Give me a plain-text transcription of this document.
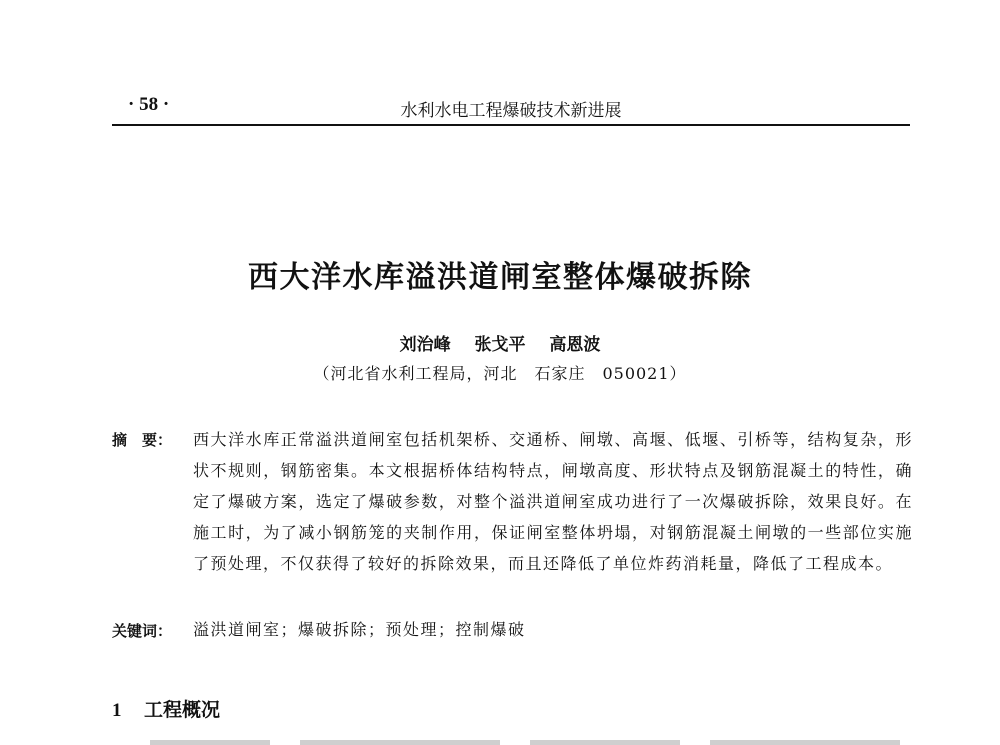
· 58 ·	水利水电工程爆破技术新进展
西大洋水库溢洪道闸室整体爆破拆除
刘治峰 张戈平 高恩波
（河北省水利工程局，河北　石家庄　050021）
摘　要： 西大洋水库正常溢洪道闸室包括机架桥、交通桥、闸墩、高堰、低堰、引桥等，结构复杂，形状不规则，钢筋密集。本文根据桥体结构特点，闸墩高度、形状特点及钢筋混凝土的特性，确定了爆破方案，选定了爆破参数，对整个溢洪道闸室成功进行了一次爆破拆除，效果良好。在施工时，为了减小钢筋笼的夹制作用，保证闸室整体坍塌，对钢筋混凝土闸墩的一些部位实施了预处理，不仅获得了较好的拆除效果，而且还降低了单位炸药消耗量，降低了工程成本。
关键词： 溢洪道闸室；爆破拆除；预处理；控制爆破
1 工程概况
